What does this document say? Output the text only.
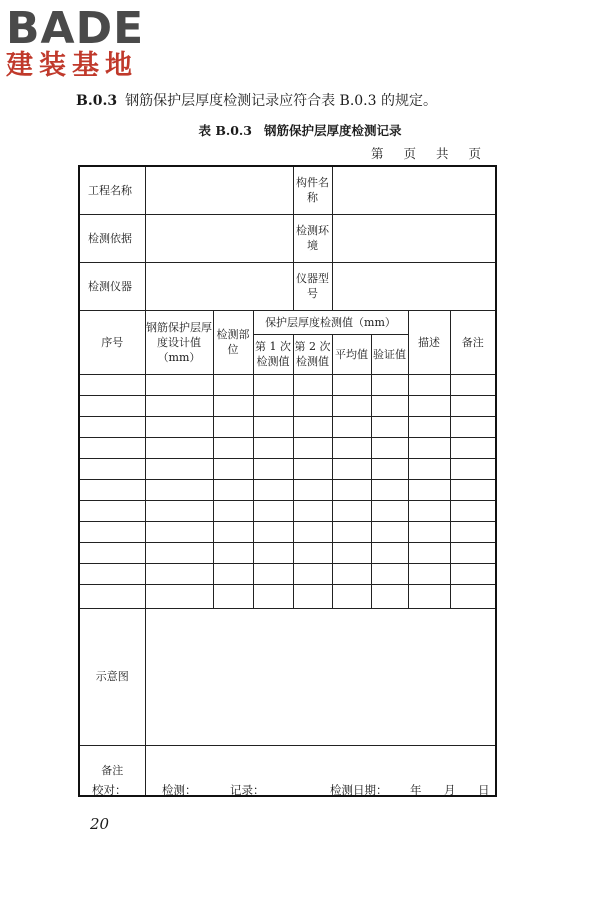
BADE
建装基地
B.0.3 钢筋保护层厚度检测记录应符合表 B.0.3 的规定。
表 B.0.3 钢筋保护层厚度检测记录
第 页 共 页
工程名称				构件名称				
检测依据				检测环境				
检测仪器				仪器型号				
序号	钢筋保护层厚度设计值（mm）	检测部位	保护层厚度检测值（mm）				描述	备注
			第 1 次检测值	第 2 次检测值	平均值	验证值		

示意图								
备注								
校对：	检测：	记录：	检测日期： 年 月 日
20
